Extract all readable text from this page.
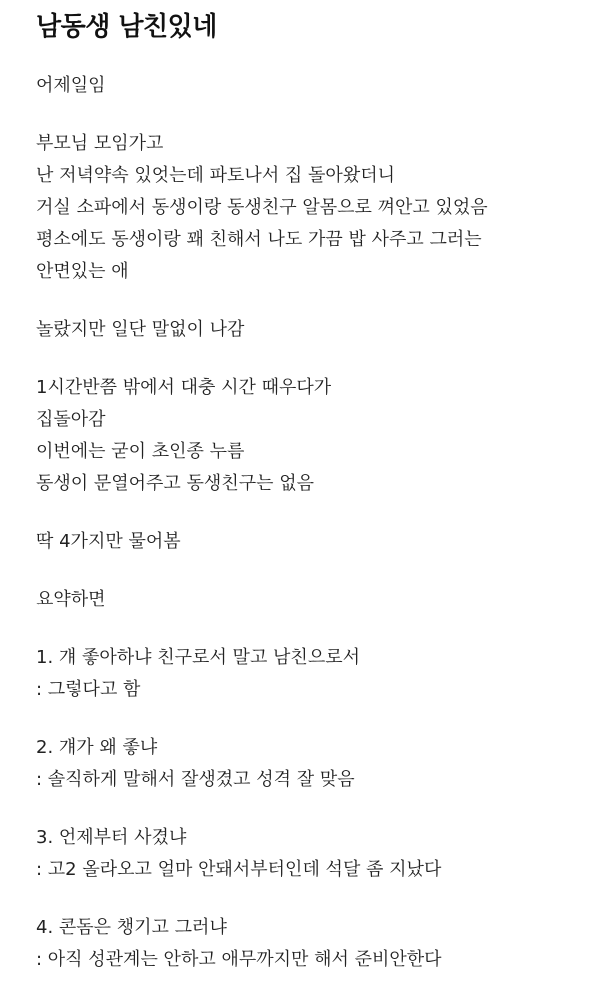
남동생 남친있네
어제일임
부모님 모임가고
난 저녁약속 있엇는데 파토나서 집 돌아왔더니
거실 소파에서 동생이랑 동생친구 알몸으로 껴안고 있었음
평소에도 동생이랑 꽤 친해서 나도 가끔 밥 사주고 그러는
안면있는 애
놀랐지만 일단 말없이 나감
1시간반쯤 밖에서 대충 시간 때우다가
집돌아감
이번에는 굳이 초인종 누름
동생이 문열어주고 동생친구는 없음
딱 4가지만 물어봄
요약하면
1. 걔 좋아하냐 친구로서 말고 남친으로서
: 그렇다고 함
2. 걔가 왜 좋냐
: 솔직하게 말해서 잘생겼고 성격 잘 맞음
3. 언제부터 사겼냐
: 고2 올라오고 얼마 안돼서부터인데 석달 좀 지났다
4. 콘돔은 챙기고 그러냐
: 아직 성관계는 안하고 애무까지만 해서 준비안한다
